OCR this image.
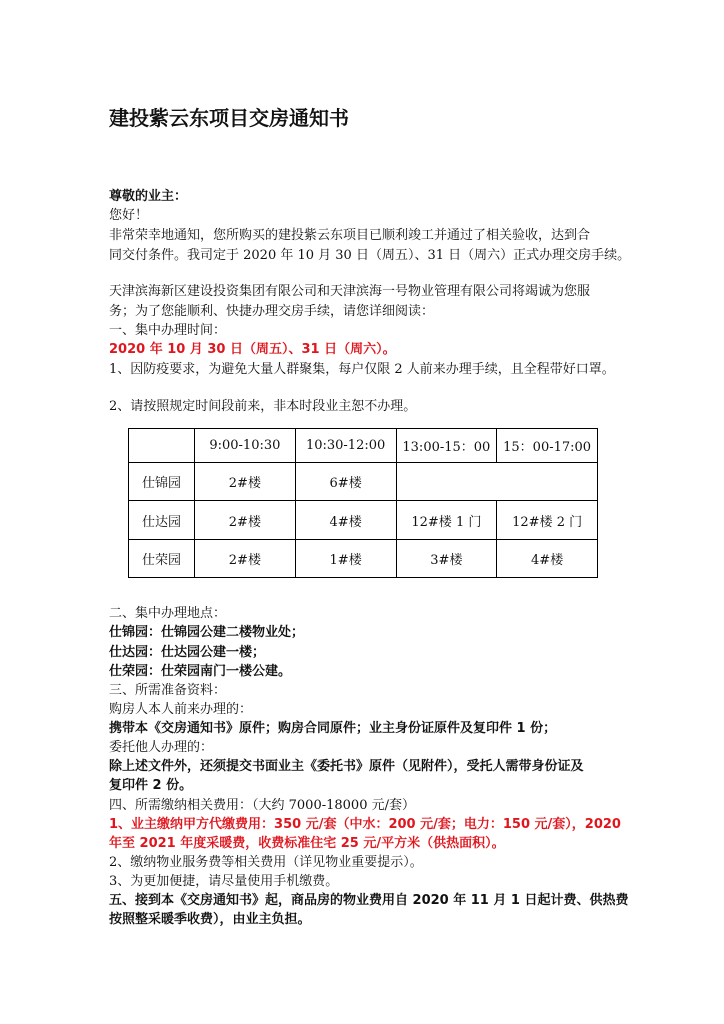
建投紫云东项目交房通知书
尊敬的业主：
您好！
非常荣幸地通知，您所购买的建投紫云东项目已顺利竣工并通过了相关验收，达到合
同交付条件。我司定于 2020 年 10 月 30 日（周五）、31 日（周六）正式办理交房手续。
天津滨海新区建设投资集团有限公司和天津滨海一号物业管理有限公司将竭诚为您服
务；为了您能顺利、快捷办理交房手续，请您详细阅读：
一、集中办理时间：
2020 年 10 月 30 日（周五）、31 日（周六）。
1、因防疫要求，为避免大量人群聚集，每户仅限 2 人前来办理手续，且全程带好口罩。
2、请按照规定时间段前来，非本时段业主恕不办理。
	9:00-10:30	10:30-12:00	13:00-15：00	15：00-17:00
仕锦园	2#楼	6#楼		
仕达园	2#楼	4#楼	12#楼 1 门	12#楼 2 门
仕荣园	2#楼	1#楼	3#楼	4#楼
二、集中办理地点：
仕锦园：仕锦园公建二楼物业处；
仕达园：仕达园公建一楼；
仕荣园：仕荣园南门一楼公建。
三、所需准备资料：
购房人本人前来办理的：
携带本《交房通知书》原件；购房合同原件；业主身份证原件及复印件 1 份；
委托他人办理的：
除上述文件外，还须提交书面业主《委托书》原件（见附件），受托人需带身份证及
复印件 2 份。
四、所需缴纳相关费用：（大约 7000-18000 元/套）
1、业主缴纳甲方代缴费用：350 元/套（中水：200 元/套；电力：150 元/套），2020
年至 2021 年度采暖费，收费标准住宅 25 元/平方米（供热面积）。
2、缴纳物业服务费等相关费用（详见物业重要提示）。
3、为更加便捷，请尽量使用手机缴费。
五、接到本《交房通知书》起，商品房的物业费用自 2020 年 11 月 1 日起计费、供热费
按照整采暖季收费），由业主负担。
